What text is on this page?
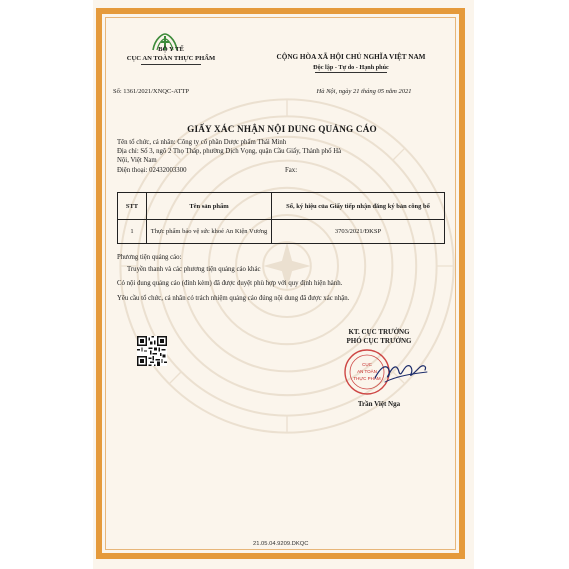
BỘ Y TẾ
CỤC AN TOÀN THỰC PHẨM	CỘNG HÒA XÃ HỘI CHỦ NGHĨA VIỆT NAM
Độc lập - Tự do - Hạnh phúc
Số: 1361/2021/XNQC-ATTP	Hà Nội, ngày 21 tháng 05 năm 2021
GIẤY XÁC NHẬN NỘI DUNG QUẢNG CÁO
Tên tổ chức, cá nhân: Công ty cổ phần Dược phẩm Thái Minh
Địa chỉ: Số 3, ngõ 2 Thọ Tháp, phường Dịch Vọng, quận Cầu Giấy, Thành phố Hà
Nội, Việt Nam
Điện thoại: 02432003300	Fax:
STT	Tên sản phẩm	Số, ký hiệu của Giấy tiếp nhận đăng ký bản công bố
1	Thực phẩm bảo vệ sức khoẻ An Kiện Vương	3703/2021/ĐKSP
Phương tiện quảng cáo:
Truyền thanh và các phương tiện quảng cáo khác
Có nội dung quảng cáo (đính kèm) đã được duyệt phù hợp với quy định hiện hành.
Yêu cầu tổ chức, cá nhân có trách nhiệm quảng cáo đúng nội dung đã được xác nhận.
KT. CỤC TRƯỞNG
PHÓ CỤC TRƯỞNG
CỤC
AN TOÀN
THỰC PHẨM
Trần Việt Nga
21.05.04.9209.DKQC
